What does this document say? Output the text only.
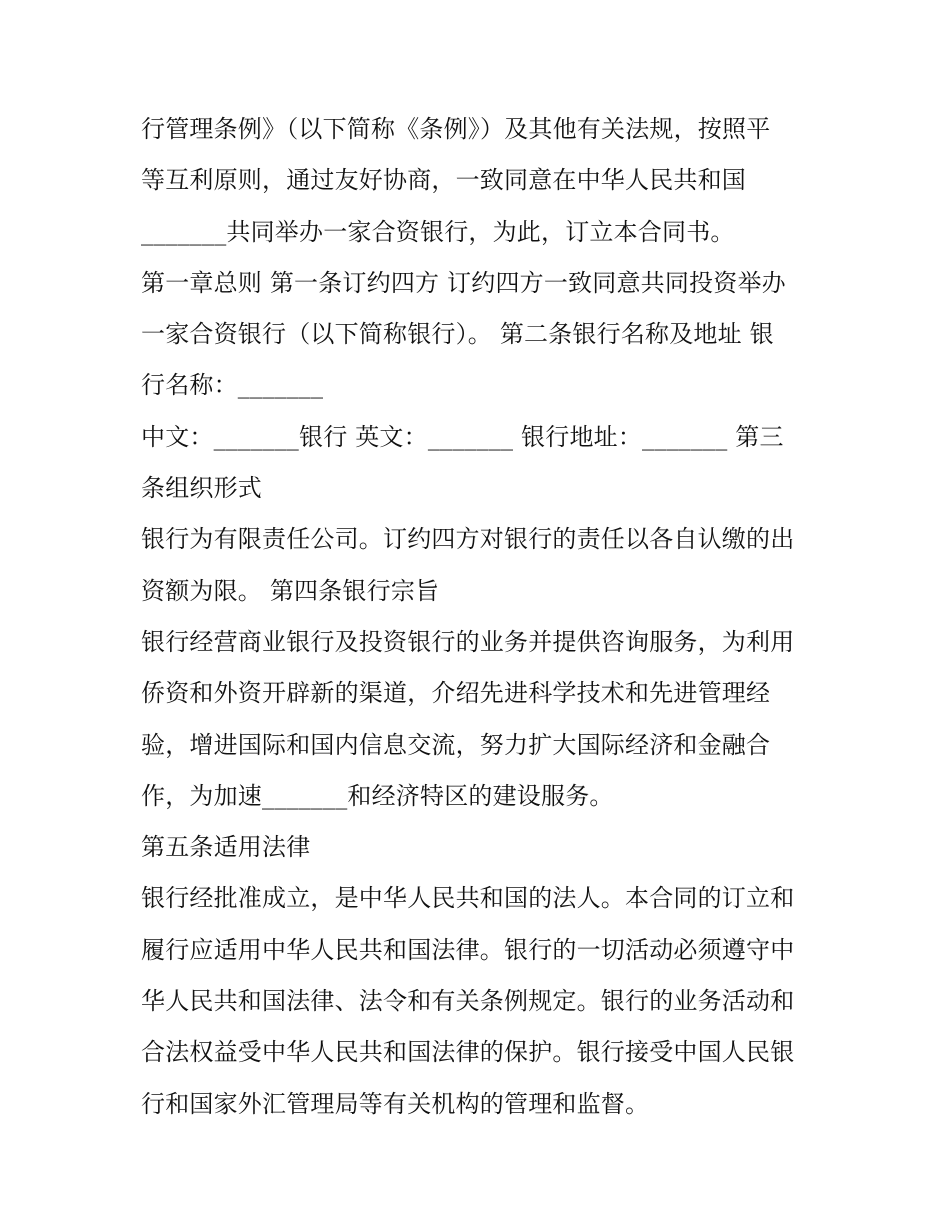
行管理条例》（以下简称《条例》）及其他有关法规，按照平
等互利原则，通过友好协商，一致同意在中华人民共和国
_______共同举办一家合资银行，为此，订立本合同书。
第一章总则 第一条订约四方 订约四方一致同意共同投资举办
一家合资银行（以下简称银行）。 第二条银行名称及地址 银
行名称：_______
中文：_______银行 英文：_______ 银行地址：_______ 第三
条组织形式
银行为有限责任公司。订约四方对银行的责任以各自认缴的出
资额为限。 第四条银行宗旨
银行经营商业银行及投资银行的业务并提供咨询服务，为利用
侨资和外资开辟新的渠道，介绍先进科学技术和先进管理经
验，增进国际和国内信息交流，努力扩大国际经济和金融合
作，为加速_______和经济特区的建设服务。
第五条适用法律
银行经批准成立，是中华人民共和国的法人。本合同的订立和
履行应适用中华人民共和国法律。银行的一切活动必须遵守中
华人民共和国法律、法令和有关条例规定。银行的业务活动和
合法权益受中华人民共和国法律的保护。银行接受中国人民银
行和国家外汇管理局等有关机构的管理和监督。
